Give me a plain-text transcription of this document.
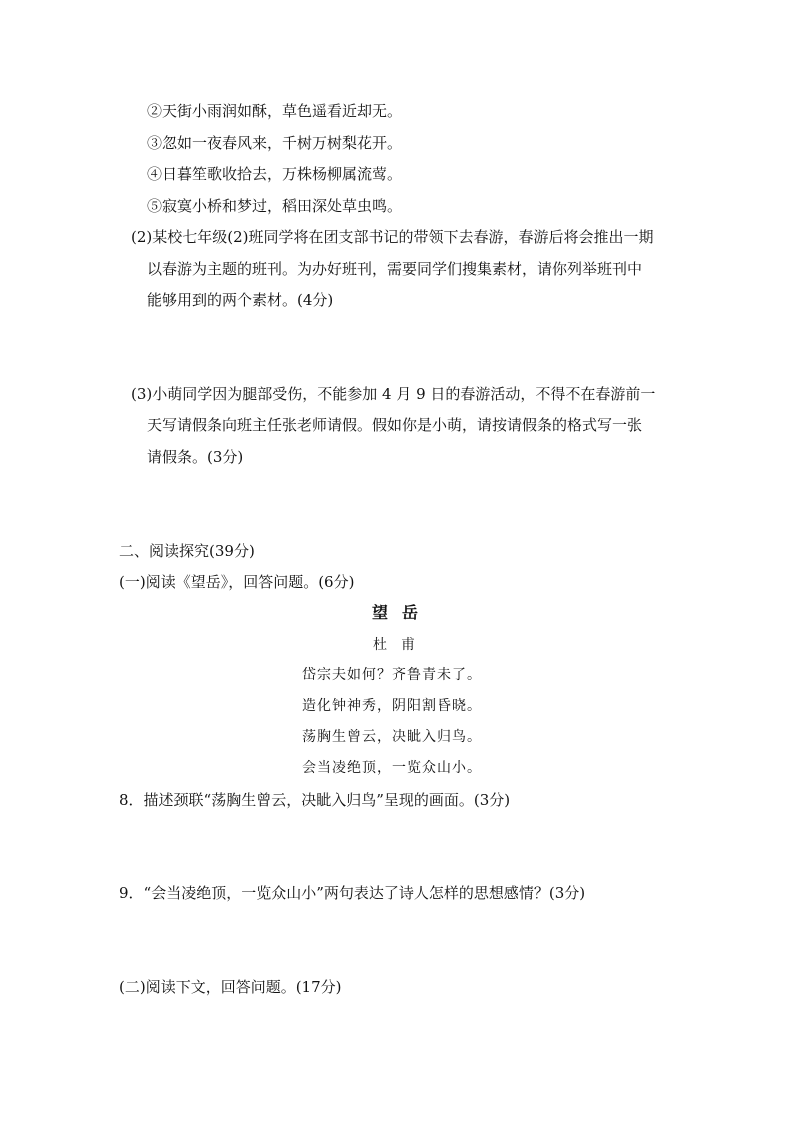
②天街小雨润如酥，草色遥看近却无。
③忽如一夜春风来，千树万树梨花开。
④日暮笙歌收拾去，万株杨柳属流莺。
⑤寂寞小桥和梦过，稻田深处草虫鸣。
(2)某校七年级(2)班同学将在团支部书记的带领下去春游，春游后将会推出一期
以春游为主题的班刊。为办好班刊，需要同学们搜集素材，请你列举班刊中
能够用到的两个素材。(4分)
(3)小萌同学因为腿部受伤，不能参加 4 月 9 日的春游活动，不得不在春游前一
天写请假条向班主任张老师请假。假如你是小萌，请按请假条的格式写一张
请假条。(3分)
二、阅读探究(39分)
(一)阅读《望岳》，回答问题。(6分)
望岳
杜甫
岱宗夫如何？齐鲁青未了。
造化钟神秀，阴阳割昏晓。
荡胸生曾云，决眦入归鸟。
会当凌绝顶，一览众山小。
8．描述颈联“荡胸生曾云，决眦入归鸟”呈现的画面。(3分)
9．“会当凌绝顶，一览众山小”两句表达了诗人怎样的思想感情？(3分)
(二)阅读下文，回答问题。(17分)
